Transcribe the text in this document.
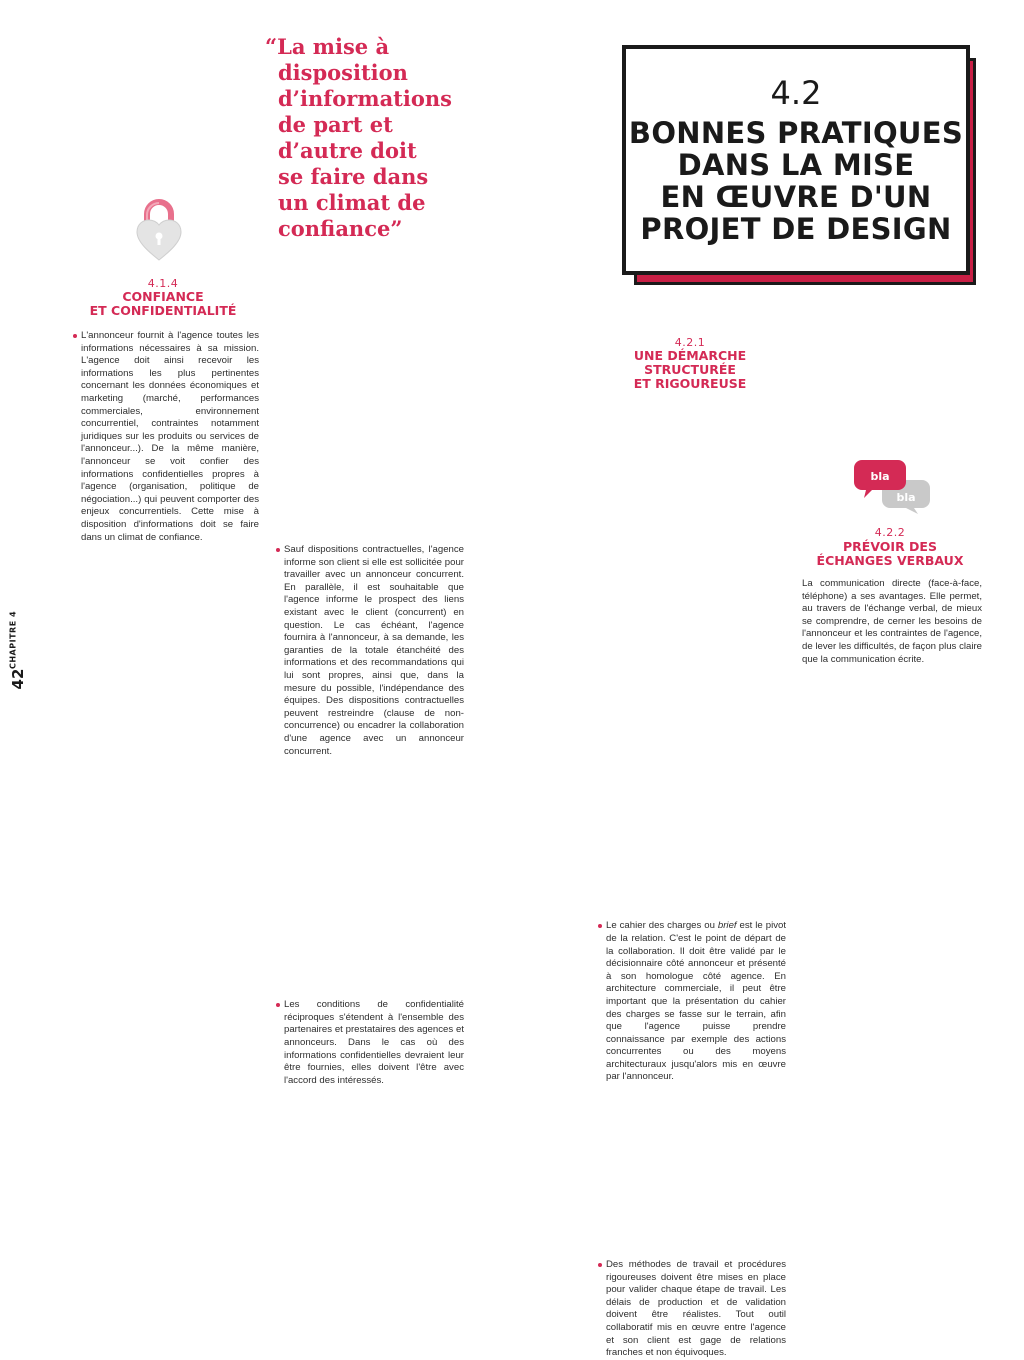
“La mise à
disposition
d’informations
de part et
d’autre doit
se faire dans
un climat de
confiance”
4.1.4
CONFIANCE
ET CONFIDENTIALITÉ
L'annonceur fournit à l'agence toutes les informations nécessaires à sa mission. L'agence doit ainsi recevoir les informations les plus pertinentes concernant les données économiques et marketing (marché, performances commerciales, environnement concurrentiel, contraintes notamment juridiques sur les produits ou services de l'annonceur...). De la même manière, l'annonceur se voit confier des informations confidentielles propres à l'agence (organisation, politique de négociation...) qui peuvent comporter des enjeux concurrentiels. Cette mise à disposition d'informations doit se faire dans un climat de confiance.
Sauf dispositions contractuelles, l'agence informe son client si elle est sollicitée pour travailler avec un annonceur concurrent. En parallèle, il est souhaitable que l'agence informe le prospect des liens existant avec le client (concurrent) en question. Le cas échéant, l'agence fournira à l'annonceur, à sa demande, les garanties de la totale étanchéité des informations et des recommandations qui lui sont propres, ainsi que, dans la mesure du possible, l'indépendance des équipes. Des dispositions contractuelles peuvent restreindre (clause de non-concurrence) ou encadrer la collaboration d'une agence avec un annonceur concurrent.
Les conditions de confidentialité réciproques s'étendent à l'ensemble des partenaires et prestataires des agences et annonceurs. Dans le cas où des informations confidentielles devraient leur être fournies, elles doivent l'être avec l'accord des intéressés.
4.2
BONNES PRATIQUES
DANS LA MISE
EN ŒUVRE D'UN
PROJET DE DESIGN
4.2.1
UNE DÉMARCHE
STRUCTURÉE
ET RIGOUREUSE
Le cahier des charges ou brief est le pivot de la relation. C'est le point de départ de la collaboration. Il doit être validé par le décisionnaire côté annonceur et présenté à son homologue côté agence. En architecture commerciale, il peut être important que la présentation du cahier des charges se fasse sur le terrain, afin que l'agence puisse prendre connaissance par exemple des actions concurrentes ou des moyens architecturaux jusqu'alors mis en œuvre par l'annonceur.
Des méthodes de travail et procédures rigoureuses doivent être mises en place pour valider chaque étape de travail. Les délais de production et de validation doivent être réalistes. Tout outil collaboratif mis en œuvre entre l'agence et son client est gage de relations franches et non équivoques.
bla
bla
4.2.2
PRÉVOIR DES
ÉCHANGES VERBAUX
La communication directe (face-à-face, téléphone) a ses avantages. Elle permet, au travers de l'échange verbal, de mieux se comprendre, de cerner les besoins de l'annonceur et les contraintes de l'agence, de lever les difficultés, de façon plus claire que la communication écrite.
CHAPITRE 4
42
